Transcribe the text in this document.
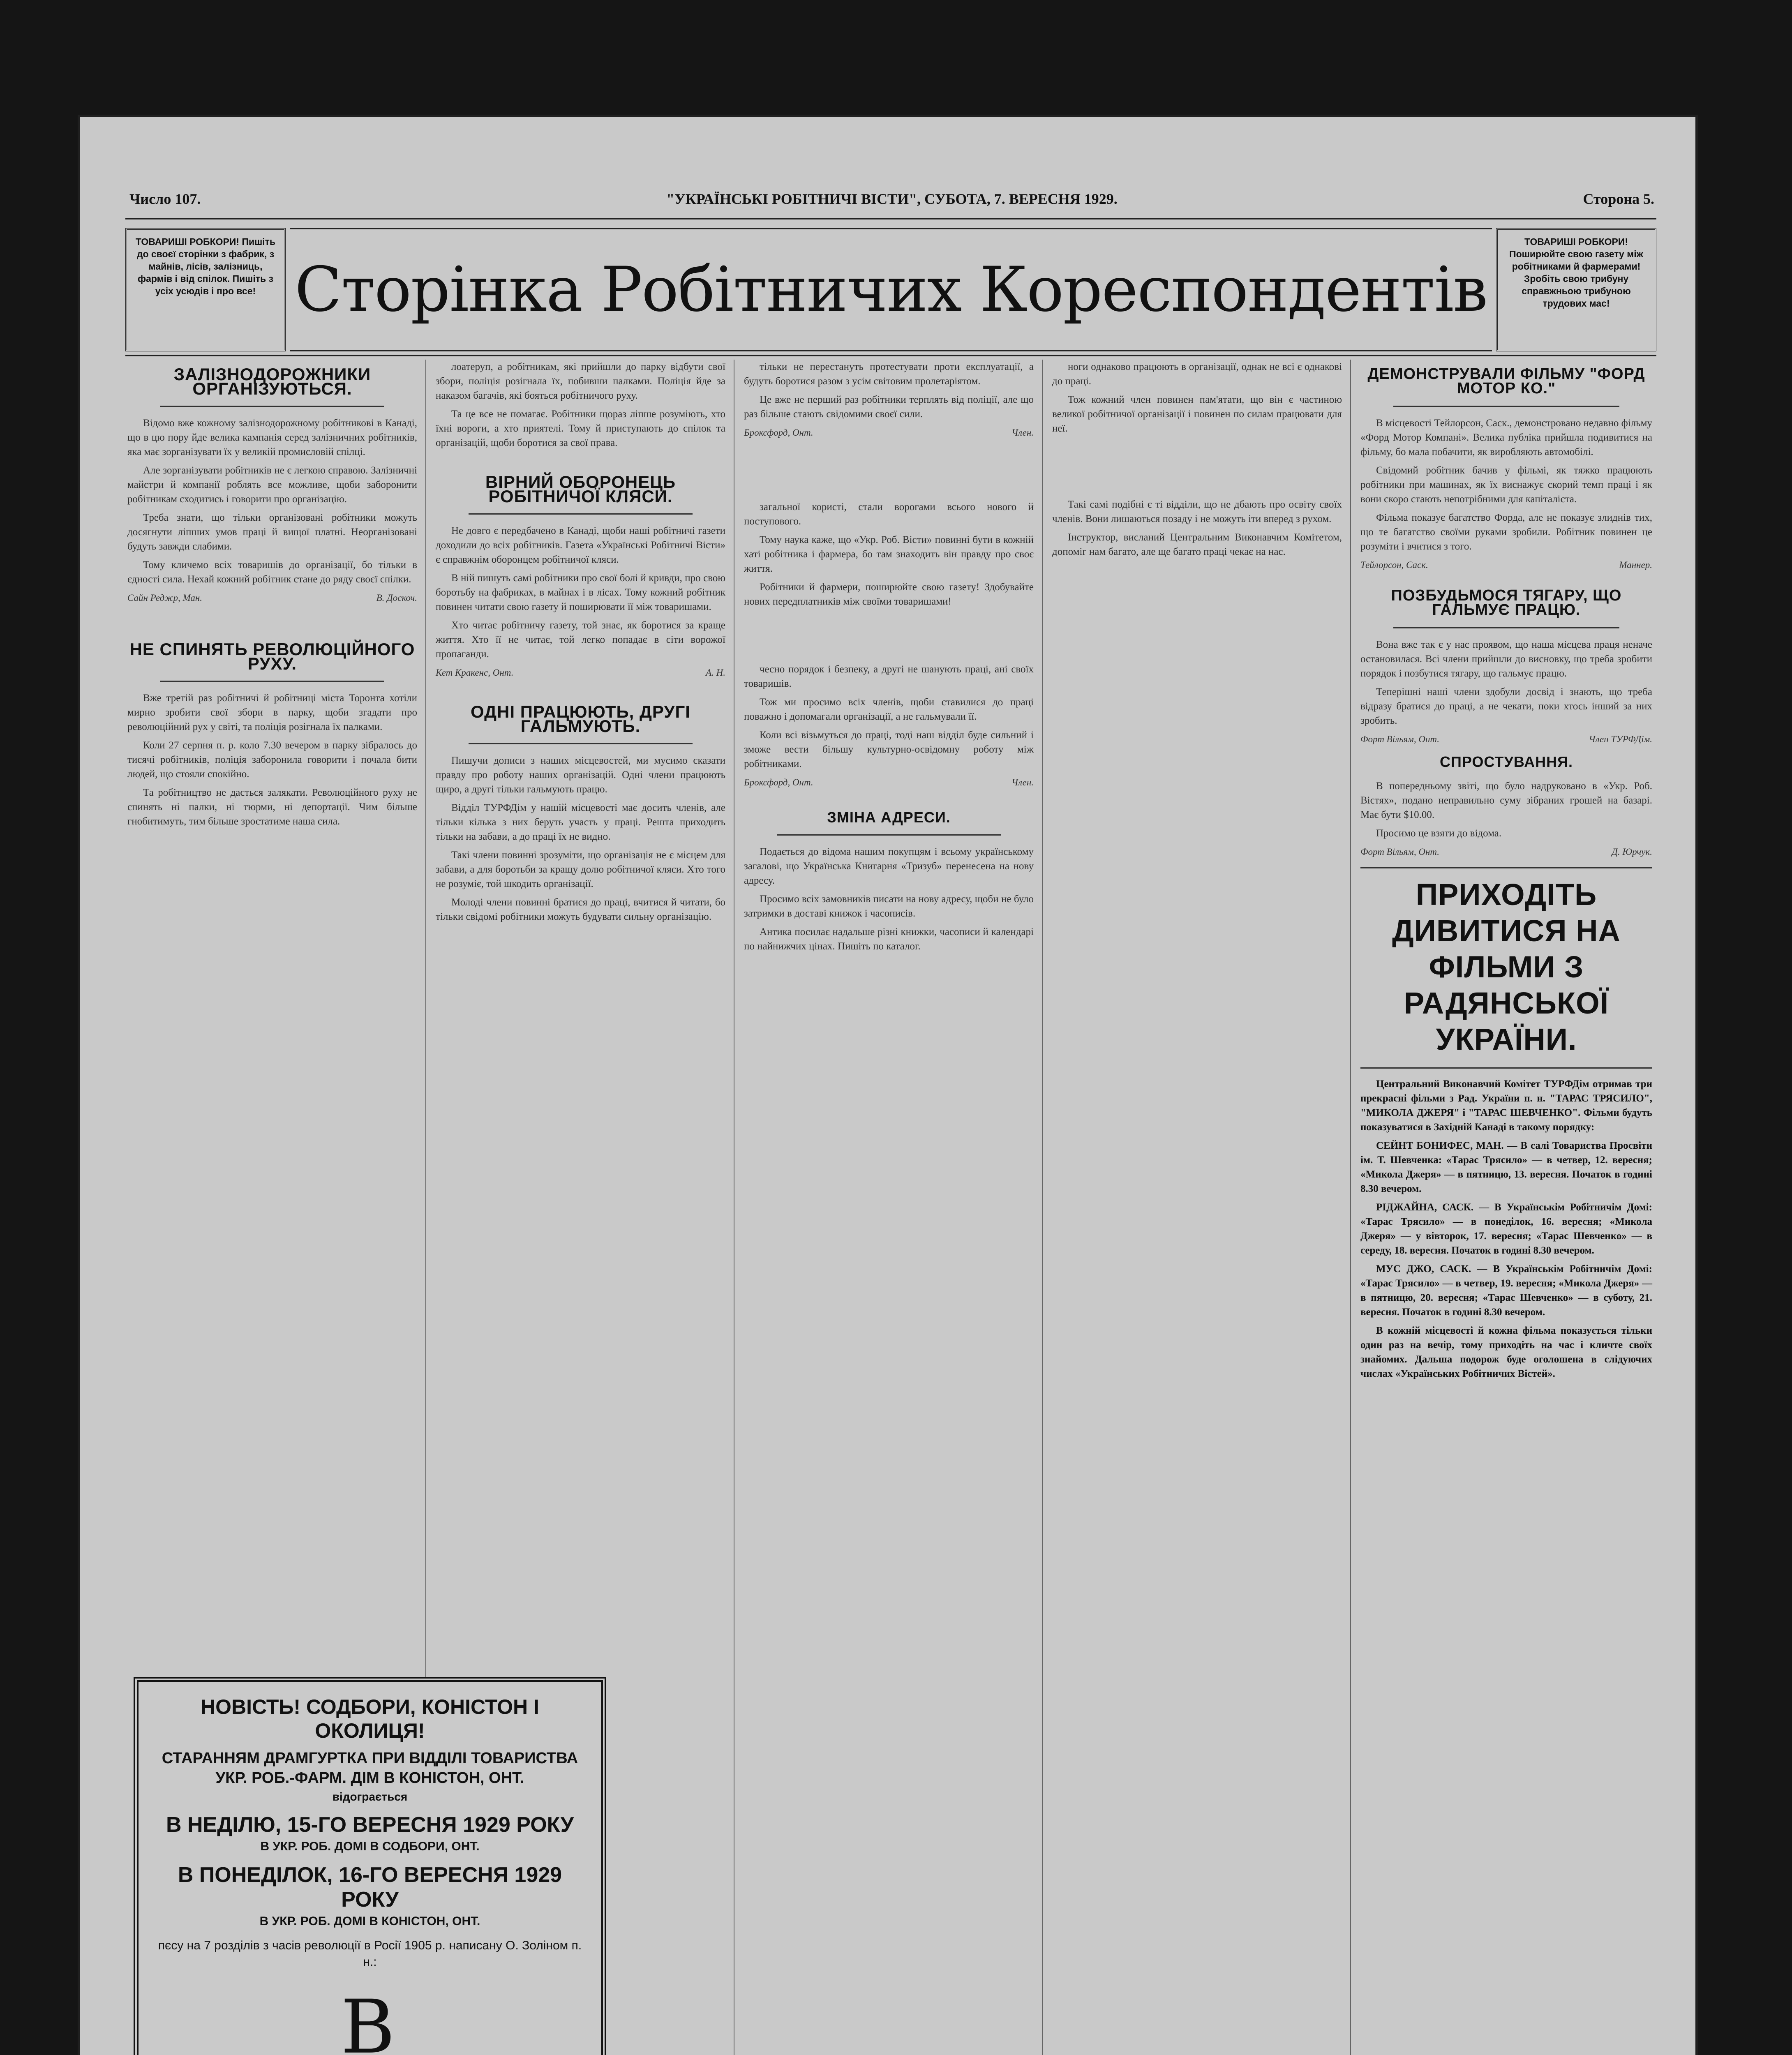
Число 107.	"УКРАЇНСЬКІ РОБІТНИЧІ ВІСТИ", СУБОТА, 7. ВЕРЕСНЯ 1929.	Сторона 5.
ТОВАРИШІ РОБКОРИ! Пишіть до своєї сторінки з фабрик, з майнів, лісів, залізниць, фармів і від спілок. Пишіть з усіх усюдів і про все! Сторінка Робітничих Кореспондентів
ТОВАРИШІ РОБКОРИ! Поширюйте свою газету між робітниками й фармерами! Зробіть свою трибуну справжньою трибуною трудових мас!
ЗАЛІЗНОДОРОЖНИКИ ОРГАНІЗУЮТЬСЯ.

Відомо вже кожному залізнодорожному робітникові в Канаді, що в цю пору йде велика кампанія серед залізничних робітників, яка має зорганізувати їх у великій промисловій спілці.

Але зорганізувати робітників не є легкою справою. Залізничні майстри й компанії роблять все можливе, щоби заборонити робітникам сходитись і говорити про організацію.

Треба знати, що тільки організовані робітники можуть досягнути ліпших умов праці й вищої платні. Неорганізовані будуть завжди слабими.

Тому кличемо всіх товаришів до організації, бо тільки в єдності сила. Нехай кожний робітник стане до ряду своєї спілки.

Сайн Реджр, Ман.	В. Доскоч.
НЕ СПИНЯТЬ РЕВОЛЮЦІЙНОГО РУХУ.

Вже третій раз робітничі й робітниці міста Торонта хотіли мирно зробити свої збори в парку, щоби згадати про революційний рух у світі, та поліція розігнала їх палками.

Коли 27 серпня п. р. коло 7.30 вечером в парку зібралось до тисячі робітників, поліція заборонила говорити і почала бити людей, що стояли спокійно.

Та робітництво не дасться залякати. Революційного руху не спинять ні палки, ні тюрми, ні депортації. Чим більше гнобитимуть, тим більше зростатиме наша сила.

НОВІСТЬ! СОДБОРИ, КОНІСТОН І ОКОЛИЦЯ!
СТАРАННЯМ ДРАМГУРТКА ПРИ ВІДДІЛІ ТОВАРИСТВА УКР. РОБ.-ФАРМ. ДІМ В КОНІСТОН, ОНТ.
відограється
В НЕДІЛЮ, 15-ГО ВЕРЕСНЯ 1929 РОКУ
В УКР. РОБ. ДОМІ В СОДБОРИ, ОНТ.
В ПОНЕДІЛОК, 16-ГО ВЕРЕСНЯ 1929 РОКУ
В УКР. РОБ. ДОМІ В КОНІСТОН, ОНТ.
пєсу на 7 розділів з часів революції в Росії 1905 р. написану О. Золіном п. н.:
В

лоатеруп, а робітникам, які прийшли до парку відбути свої збори, поліція розігнала їх, побивши палками. Поліція йде за наказом багачів, які бояться робітничого руху.

Та це все не помагає. Робітники щораз ліпше розуміють, хто їхні вороги, а хто приятелі. Тому й приступають до спілок та організацій, щоби боротися за свої права.

ВІРНИЙ ОБОРОНЕЦЬ РОБІТНИЧОЇ КЛЯСИ.

Не довго є передбачено в Канаді, щоби наші робітничі газети доходили до всіх робітників. Газета «Українські Робітничі Вісти» є справжнім оборонцем робітничої кляси.

В ній пишуть самі робітники про свої болі й кривди, про свою боротьбу на фабриках, в майнах і в лісах. Тому кожний робітник повинен читати свою газету й поширювати її між товаришами.

Хто читає робітничу газету, той знає, як боротися за краще життя. Хто її не читає, той легко попадає в сіти ворожої пропаганди.

Кет Кракенс, Онт.	А. Н.
ОДНІ ПРАЦЮЮТЬ, ДРУГІ ГАЛЬМУЮТЬ.

Пишучи дописи з наших місцевостей, ми мусимо сказати правду про роботу наших організацій. Одні члени працюють щиро, а другі тільки гальмують працю.

Відділ ТУРФДім у нашій місцевості має досить членів, але тільки кілька з них беруть участь у праці. Решта приходить тільки на забави, а до праці їх не видно.

Такі члени повинні зрозуміти, що організація не є місцем для забави, а для боротьби за кращу долю робітничої кляси. Хто того не розуміє, той шкодить організації.

Молоді члени повинні братися до праці, вчитися й читати, бо тільки свідомі робітники можуть будувати сильну організацію.

тільки не перестануть протестувати проти експлуатації, а будуть боротися разом з усім світовим пролетаріятом.

Це вже не перший раз робітники терплять від поліції, але що раз більше стають свідомими своєї сили.

Броксфорд, Онт.	Член.

загальної користі, стали ворогами всього нового й поступового.

Тому наука каже, що «Укр. Роб. Вісти» повинні бути в кожній хаті робітника і фармера, бо там знаходить він правду про своє життя.

Робітники й фармери, поширюйте свою газету! Здобувайте нових передплатників між своїми товаришами!

чесно порядок і безпеку, а другі не шанують праці, ані своїх товаришів.

Тож ми просимо всіх членів, щоби ставилися до праці поважно і допомагали організації, а не гальмували її.

Коли всі візьмуться до праці, тоді наш відділ буде сильний і зможе вести більшу культурно-освідомну роботу між робітниками.

Броксфорд, Онт.	Член.
ЗМІНА АДРЕСИ.

Подається до відома нашим покупцям і всьому українському загалові, що Українська Книгарня «Тризуб» перенесена на нову адресу.

Просимо всіх замовників писати на нову адресу, щоби не було затримки в доставі книжок і часописів.

Антика посилає надальше різні книжки, часописи й календарі по найнижчих цінах. Пишіть по каталог.

ноги однаково працюють в організації, однак не всі є однакові до праці.

Тож кожний член повинен пам'ятати, що він є частиною великої робітничої організації і повинен по силам працювати для неї.

Такі самі подібні є ті відділи, що не дбають про освіту своїх членів. Вони лишаються позаду і не можуть іти вперед з рухом.

Інструктор, висланий Центральним Виконавчим Комітетом, допоміг нам багато, але ще багато праці чекає на нас.

ДЕМОНСТРУВАЛИ ФІЛЬМУ "ФОРД МОТОР КО."

В місцевості Тейлорсон, Саск., демонстровано недавно фільму «Форд Мотор Компані». Велика публіка прийшла подивитися на фільму, бо мала побачити, як виробляють автомобілі.

Свідомий робітник бачив у фільмі, як тяжко працюють робітники при машинах, як їх виснажує скорий темп праці і як вони скоро стають непотрібними для капіталіста.

Фільма показує багатство Форда, але не показує злиднів тих, що те багатство своїми руками зробили. Робітник повинен це розуміти і вчитися з того.

Тейлорсон, Саск.	Маннер.
ПОЗБУДЬМОСЯ ТЯГАРУ, ЩО ГАЛЬМУЄ ПРАЦЮ.

Вона вже так є у нас проявом, що наша місцева праця неначе остановилася. Всі члени прийшли до висновку, що треба зробити порядок і позбутися тягару, що гальмує працю.

Теперішні наші члени здобули досвід і знають, що треба відразу братися до праці, а не чекати, поки хтось інший за них зробить.

Форт Вільям, Онт.	Член ТУРФДім.
СПРОСТУВАННЯ.

В попередньому звіті, що було надруковано в «Укр. Роб. Вістях», подано неправильно суму зібраних грошей на базарі. Має бути $10.00.

Просимо це взяти до відома.

Форт Вільям, Онт.	Д. Юрчук.
ПРИХОДІТЬ ДИВИТИСЯ НА ФІЛЬМИ З РАДЯНСЬКОЇ УКРАЇНИ.

Центральний Виконавчий Комітет ТУРФДім отримав три прекрасні фільми з Рад. України п. н. "ТАРАС ТРЯСИЛО", "МИКОЛА ДЖЕРЯ" і "ТАРАС ШЕВЧЕНКО". Фільми будуть показуватися в Західній Канаді в такому порядку:

СЕЙНТ БОНИФЕС, МАН. — В салі Товариства Просвіти ім. Т. Шевченка: «Тарас Трясило» — в четвер, 12. вересня; «Микола Джеря» — в пятницю, 13. вересня. Початок в годині 8.30 вечером.

РІДЖАЙНА, САСК. — В Українськім Робітничім Домі: «Тарас Трясило» — в понеділок, 16. вересня; «Микола Джеря» — у вівторок, 17. вересня; «Тарас Шевченко» — в середу, 18. вересня. Початок в годині 8.30 вечером.

МУС ДЖО, САСК. — В Українськім Робітничім Домі: «Тарас Трясило» — в четвер, 19. вересня; «Микола Джеря» — в пятницю, 20. вересня; «Тарас Шевченко» — в суботу, 21. вересня. Початок в годині 8.30 вечером.

В кожній місцевості й кожна фільма показується тільки один раз на вечір, тому приходіть на час і кличте своїх знайомих. Дальша подорож буде оголошена в слідуючих числах «Українських Робітничих Вістей».
